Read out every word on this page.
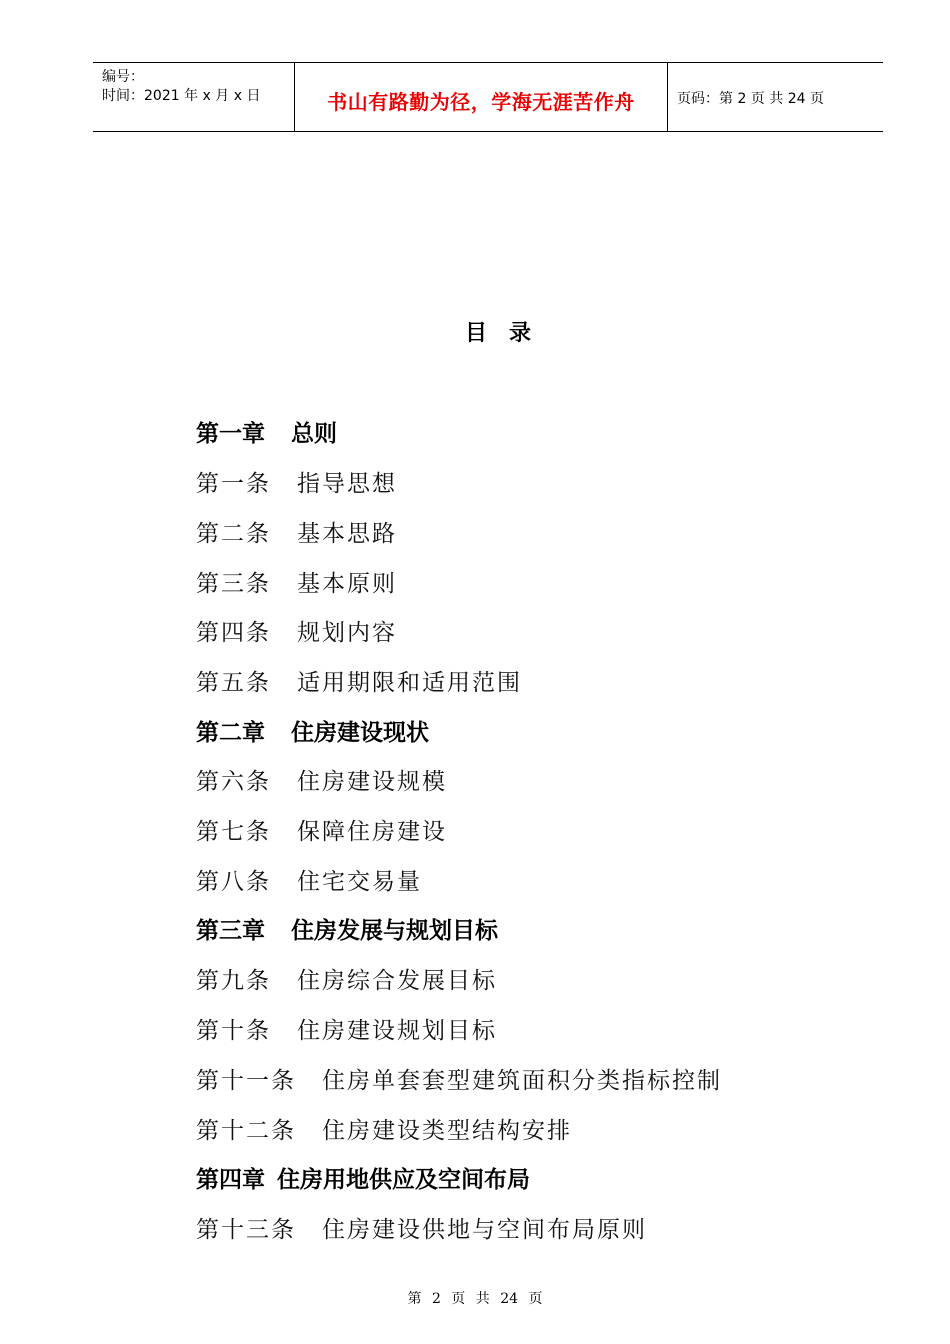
编号：
时间：2021 年 x 月 x 日	书山有路勤为径，学海无涯苦作舟	页码：第 2 页 共 24 页
目录
第一章 总则
第一条 指导思想
第二条 基本思路
第三条 基本原则
第四条 规划内容
第五条 适用期限和适用范围
第二章 住房建设现状
第六条 住房建设规模
第七条 保障住房建设
第八条 住宅交易量
第三章 住房发展与规划目标
第九条 住房综合发展目标
第十条 住房建设规划目标
第十一条 住房单套套型建筑面积分类指标控制
第十二条 住房建设类型结构安排
第四章 住房用地供应及空间布局
第十三条 住房建设供地与空间布局原则
第 2 页 共 24 页
